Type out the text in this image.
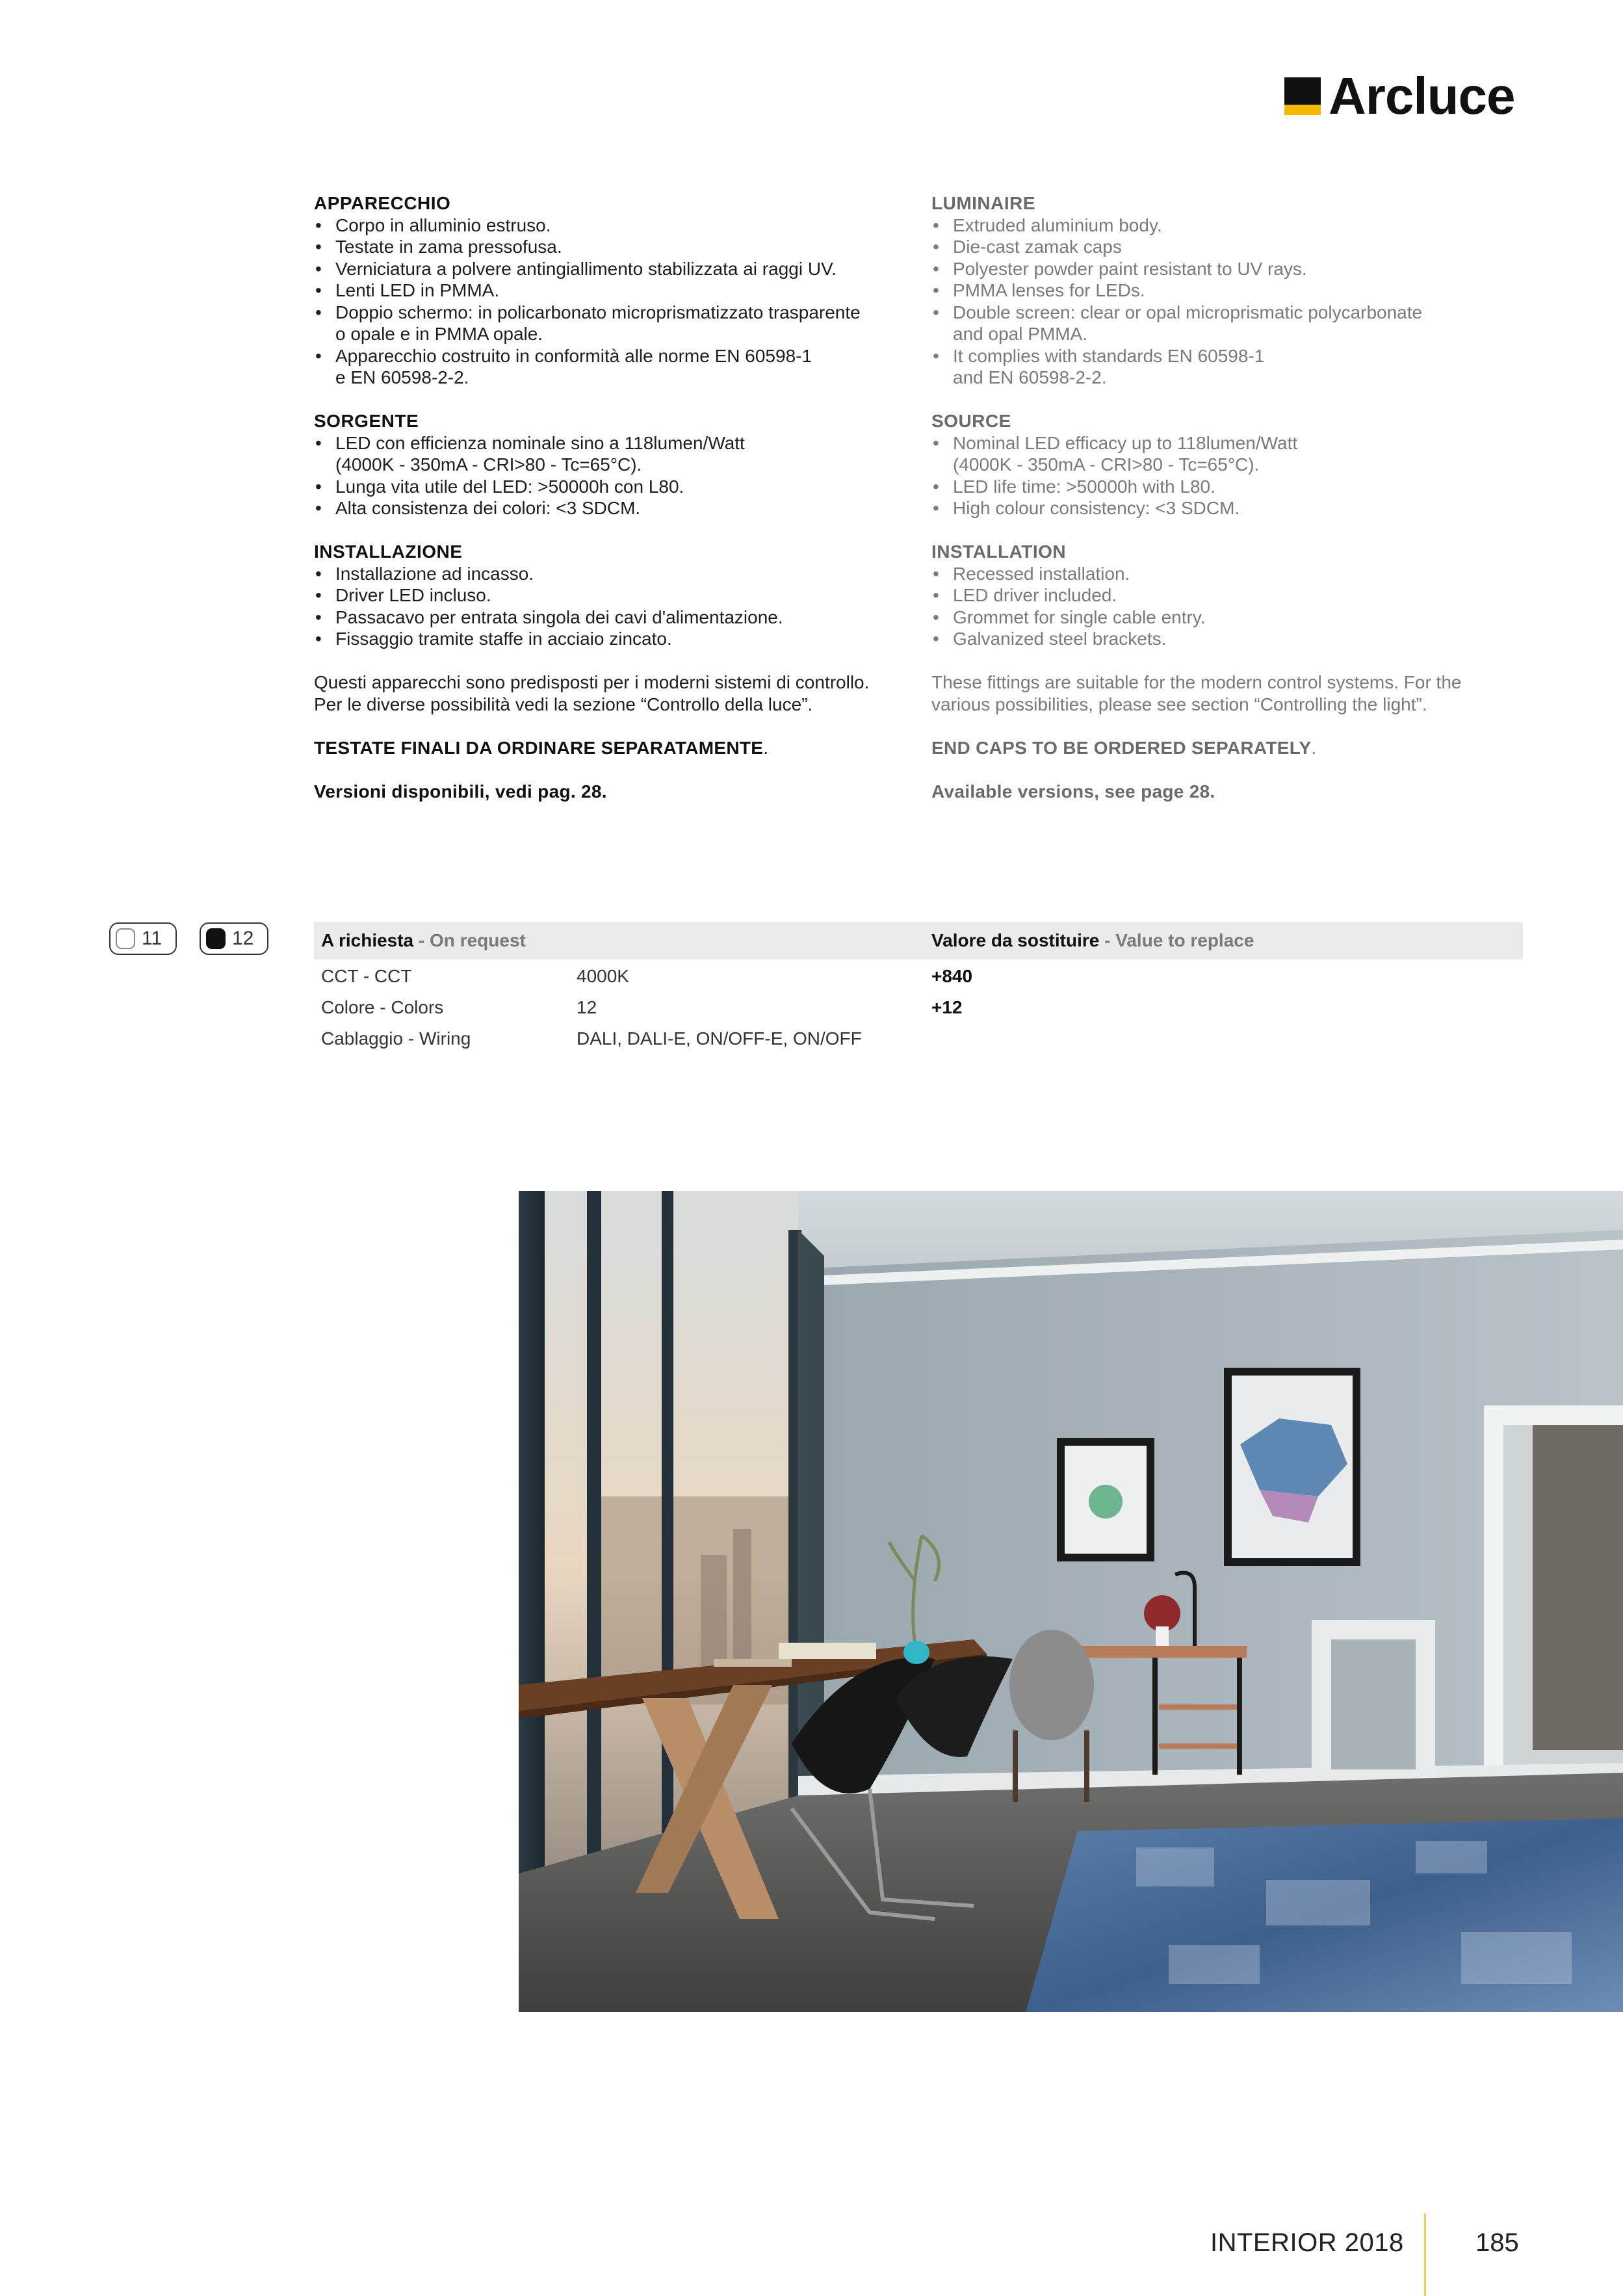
Arcluce
APPARECCHIO
• Corpo in alluminio estruso.
• Testate in zama pressofusa.
• Verniciatura a polvere antingiallimento stabilizzata ai raggi UV.
• Lenti LED in PMMA.
• Doppio schermo: in policarbonato microprismatizzato trasparente
o opale e in PMMA opale.
• Apparecchio costruito in conformità alle norme EN 60598-1
e EN 60598-2-2.
SORGENTE
• LED con efficienza nominale sino a 118lumen/Watt
(4000K - 350mA - CRI>80 - Tc=65°C).
• Lunga vita utile del LED: >50000h con L80.
• Alta consistenza dei colori: <3 SDCM.
INSTALLAZIONE
• Installazione ad incasso.
• Driver LED incluso.
• Passacavo per entrata singola dei cavi d'alimentazione.
• Fissaggio tramite staffe in acciaio zincato.
Questi apparecchi sono predisposti per i moderni sistemi di controllo.
Per le diverse possibilità vedi la sezione “Controllo della luce”.
TESTATE FINALI DA ORDINARE SEPARATAMENTE.
Versioni disponibili, vedi pag. 28.
LUMINAIRE
• Extruded aluminium body.
• Die-cast zamak caps
• Polyester powder paint resistant to UV rays.
• PMMA lenses for LEDs.
• Double screen: clear or opal microprismatic polycarbonate
and opal PMMA.
• It complies with standards EN 60598-1
and EN 60598-2-2.
SOURCE
• Nominal LED efficacy up to 118lumen/Watt
(4000K - 350mA - CRI>80 - Tc=65°C).
• LED life time: >50000h with L80.
• High colour consistency: <3 SDCM.
INSTALLATION
• Recessed installation.
• LED driver included.
• Grommet for single cable entry.
• Galvanized steel brackets.
These fittings are suitable for the modern control systems. For the
various possibilities, please see section “Controlling the light”.
END CAPS TO BE ORDERED SEPARATELY.
Available versions, see page 28.
11	12	A richiesta - On request	Valore da sostituire - Value to replace
CCT - CCT	4000K	+840
Colore - Colors	12	+12
Cablaggio - Wiring	DALI, DALI-E, ON/OFF-E, ON/OFF
INTERIOR 2018	185
